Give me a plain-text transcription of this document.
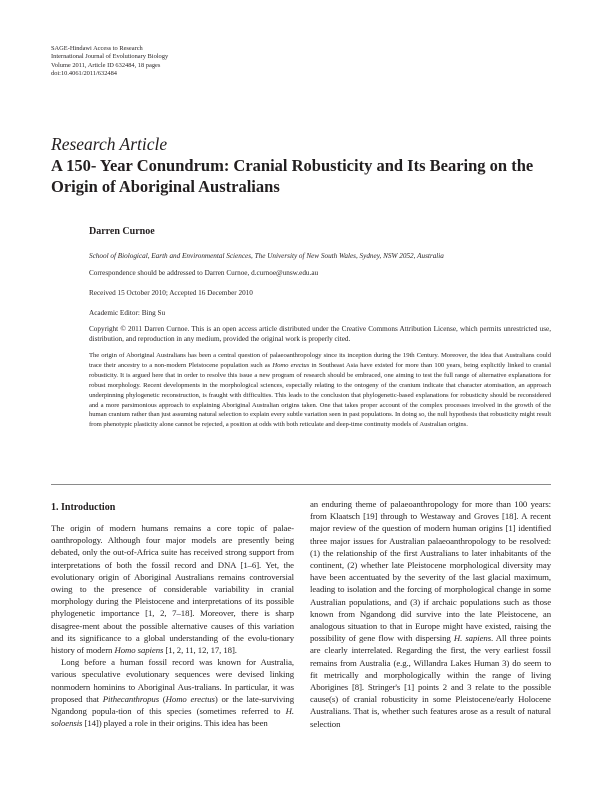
SAGE-Hindawi Access to Research
International Journal of Evolutionary Biology
Volume 2011, Article ID 632484, 18 pages
doi:10.4061/2011/632484
Research Article
A 150- Year Conundrum: Cranial Robusticity and Its Bearing on the Origin of Aboriginal Australians
Darren Curnoe
School of Biological, Earth and Environmental Sciences, The University of New South Wales, Sydney, NSW 2052, Australia
Correspondence should be addressed to Darren Curnoe, d.curnoe@unsw.edu.au
Received 15 October 2010; Accepted 16 December 2010
Academic Editor: Bing Su
Copyright © 2011 Darren Curnoe. This is an open access article distributed under the Creative Commons Attribution License, which permits unrestricted use, distribution, and reproduction in any medium, provided the original work is properly cited.
The origin of Aboriginal Australians has been a central question of palaeoanthropology since its inception during the 19th Century. Moreover, the idea that Australians could trace their ancestry to a non-modern Pleistocene population such as Homo erectus in Southeast Asia have existed for more than 100 years, being explicitly linked to cranial robusticity. It is argued here that in order to resolve this issue a new program of research should be embraced, one aiming to test the full range of alternative explanations for robust morphology. Recent developments in the morphological sciences, especially relating to the ontogeny of the cranium indicate that character atomisation, an approach underpinning phylogenetic reconstruction, is fraught with difficulties. This leads to the conclusion that phylogenetic-based explanations for robusticity should be reconsidered and a more parsimonious approach to explaining Aboriginal Australian origins taken. One that takes proper account of the complex processes involved in the growth of the human cranium rather than just assuming natural selection to explain every subtle variation seen in past populations. In doing so, the null hypothesis that robusticity might result from phenotypic plasticity alone cannot be rejected, a position at odds with both reticulate and deep-time continuity models of Australian origins.
1. Introduction

The origin of modern humans remains a core topic of palae-oanthropology. Although four major models are presently being debated, only the out-of-Africa suite has received strong support from interpretations of both the fossil record and DNA [1–6]. Yet, the evolutionary origin of Aboriginal Australians remains controversial owing to the presence of considerable variability in cranial morphology during the Pleistocene and interpretations of its possible phylogenetic importance [1, 2, 7–18]. Moreover, there is sharp disagree-ment about the possible alternative causes of this variation and its significance to a global understanding of the evolu-tionary history of modern Homo sapiens [1, 2, 11, 12, 17, 18].

Long before a human fossil record was known for Australia, various speculative evolutionary sequences were devised linking nonmodern hominins to Aboriginal Aus-tralians. In particular, it was proposed that Pithecanthropus (Homo erectus) or the late-surviving Ngandong popula-tion of this species (sometimes referred to H. soloensis [14]) played a role in their origins. This idea has been

an enduring theme of palaeoanthropology for more than 100 years: from Klaatsch [19] through to Westaway and Groves [18]. A recent major review of the question of modern human origins [1] identified three major issues for Australian palaeoanthropology to be resolved: (1) the relationship of the first Australians to later inhabitants of the continent, (2) whether late Pleistocene morphological diversity may have been accentuated by the severity of the last glacial maximum, leading to isolation and the forcing of morphological change in some Australian populations, and (3) if archaic populations such as those known from Ngandong did survive into the late Pleistocene, an analogous situation to that in Europe might have existed, raising the possibility of gene flow with dispersing H. sapiens. All three points are clearly interrelated. Regarding the first, the very earliest fossil remains from Australia (e.g., Willandra Lakes Human 3) do seem to fit metrically and morphologically within the range of living Aborigines [8]. Stringer's [1] points 2 and 3 relate to the possible cause(s) of cranial robusticity in some Pleistocene/early Holocene Australians. That is, whether such features arose as a result of natural selection
